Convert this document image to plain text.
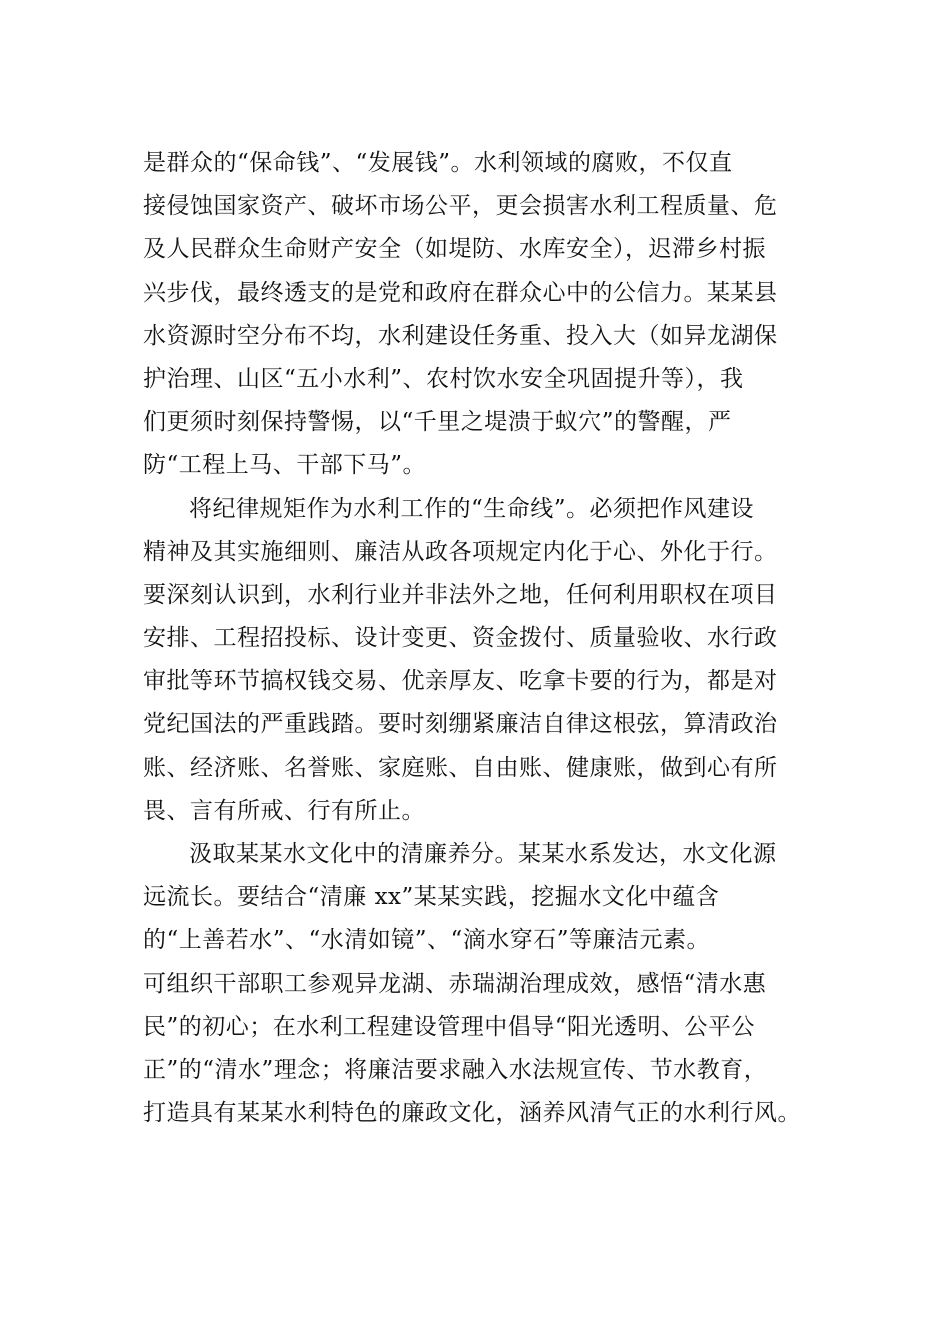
是群众的“保命钱”、“发展钱”。水利领域的腐败，不仅直
接侵蚀国家资产、破坏市场公平，更会损害水利工程质量、危
及人民群众生命财产安全（如堤防、水库安全），迟滞乡村振
兴步伐，最终透支的是党和政府在群众心中的公信力。某某县
水资源时空分布不均，水利建设任务重、投入大（如异龙湖保
护治理、山区“五小水利”、农村饮水安全巩固提升等），我
们更须时刻保持警惕，以“千里之堤溃于蚁穴”的警醒，严
防“工程上马、干部下马”。
将纪律规矩作为水利工作的“生命线”。必须把作风建设
精神及其实施细则、廉洁从政各项规定内化于心、外化于行。
要深刻认识到，水利行业并非法外之地，任何利用职权在项目
安排、工程招投标、设计变更、资金拨付、质量验收、水行政
审批等环节搞权钱交易、优亲厚友、吃拿卡要的行为，都是对
党纪国法的严重践踏。要时刻绷紧廉洁自律这根弦，算清政治
账、经济账、名誉账、家庭账、自由账、健康账，做到心有所
畏、言有所戒、行有所止。
汲取某某水文化中的清廉养分。某某水系发达，水文化源
远流长。要结合“清廉 xx”某某实践，挖掘水文化中蕴含
的“上善若水”、“水清如镜”、“滴水穿石”等廉洁元素。
可组织干部职工参观异龙湖、赤瑞湖治理成效，感悟“清水惠
民”的初心；在水利工程建设管理中倡导“阳光透明、公平公
正”的“清水”理念；将廉洁要求融入水法规宣传、节水教育，
打造具有某某水利特色的廉政文化，涵养风清气正的水利行风。
